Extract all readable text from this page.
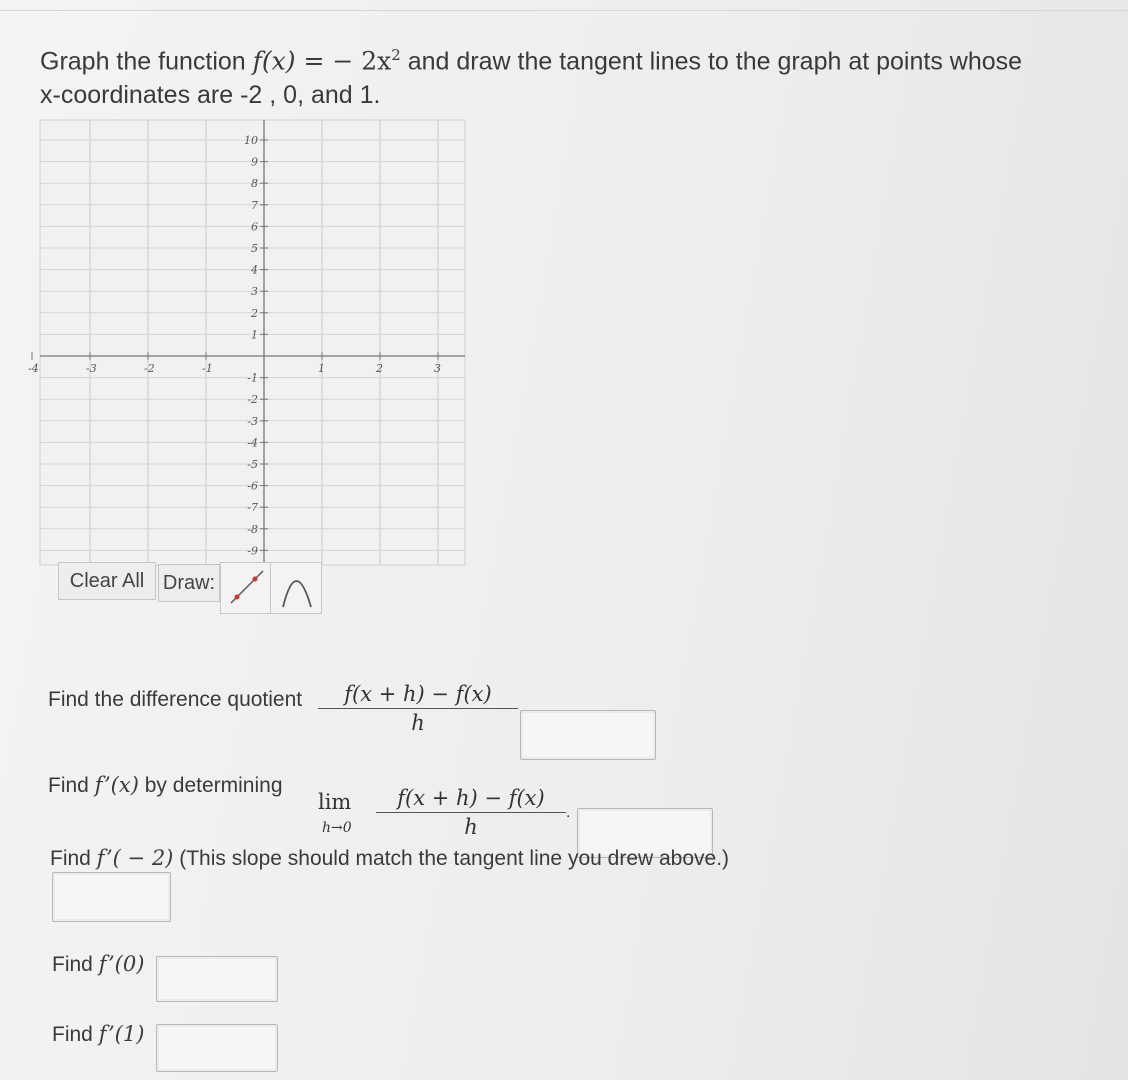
Graph the function f(x) = − $2x^2$ and draw the tangent lines to the graph at points whose
x-coordinates are -2 , 0, and 1.
-4	-3	-2	-1	1	2	3
10
9
8
7
6
5
4
3
2
1
-1
-2
-3
-4
-5
-6
-7
-8
-9
Clear All Draw:
Find the difference quotient	f(x + h) − f(x)
h
Find f’(x) by determining
lim
h→0
f(x + h) − f(x)
h
.
Find f’( − 2) (This slope should match the tangent line you drew above.)
Find f’(0)
Find f’(1)
